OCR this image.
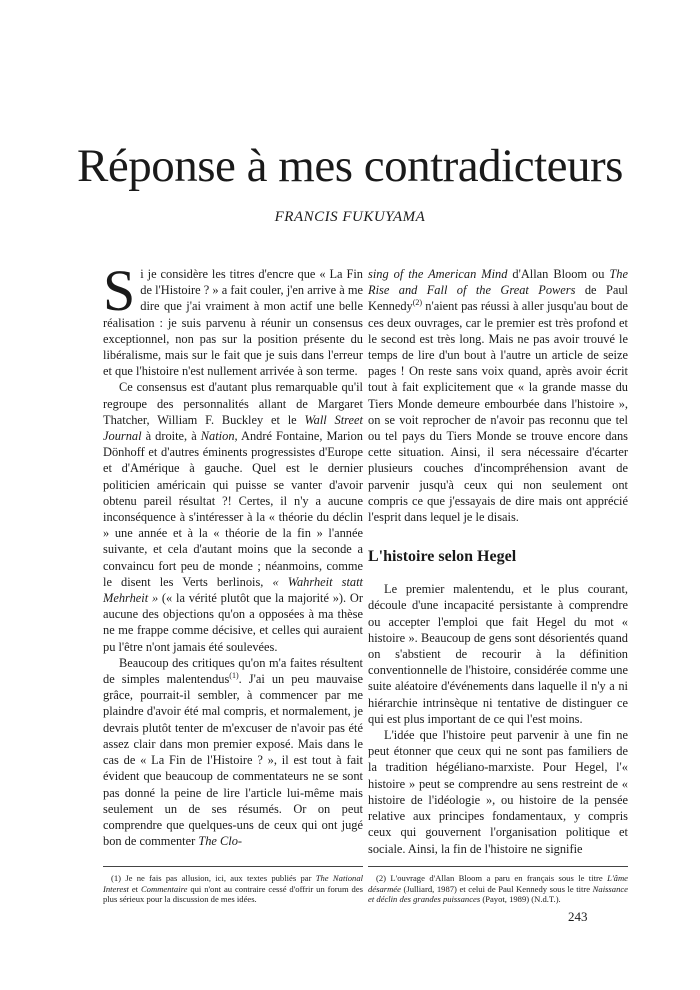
Réponse à mes contradicteurs
FRANCIS FUKUYAMA

Si je considère les titres d'encre que « La Fin de l'Histoire ? » a fait couler, j'en arrive à me dire que j'ai vraiment à mon actif une belle réalisation : je suis parvenu à réunir un consensus exceptionnel, non pas sur la position présente du libéralisme, mais sur le fait que je suis dans l'erreur et que l'histoire n'est nullement arrivée à son terme.

Ce consensus est d'autant plus remarquable qu'il regroupe des personnalités allant de Margaret Thatcher, William F. Buckley et le Wall Street Journal à droite, à Nation, André Fontaine, Marion Dönhoff et d'autres éminents progressistes d'Europe et d'Amérique à gauche. Quel est le dernier politicien américain qui puisse se vanter d'avoir obtenu pareil résultat ?! Certes, il n'y a aucune inconséquence à s'intéresser à la « théorie du déclin » une année et à la « théorie de la fin » l'année suivante, et cela d'autant moins que la seconde a convaincu fort peu de monde ; néanmoins, comme le disent les Verts berlinois, « Wahrheit statt Mehrheit » (« la vérité plutôt que la majorité »). Or aucune des objections qu'on a opposées à ma thèse ne me frappe comme décisive, et celles qui auraient pu l'être n'ont jamais été soulevées.

Beaucoup des critiques qu'on m'a faites résultent de simples malentendus$^{(1)}$. J'ai un peu mauvaise grâce, pourrait-il sembler, à commencer par me plaindre d'avoir été mal compris, et normalement, je devrais plutôt tenter de m'excuser de n'avoir pas été assez clair dans mon premier exposé. Mais dans le cas de « La Fin de l'Histoire ? », il est tout à fait évident que beaucoup de commentateurs ne se sont pas donné la peine de lire l'article lui-même mais seulement un de ses résumés. Or on peut comprendre que quelques-uns de ceux qui ont jugé bon de commenter The Clo-

sing of the American Mind d'Allan Bloom ou The Rise and Fall of the Great Powers de Paul Kennedy$^{(2)}$ n'aient pas réussi à aller jusqu'au bout de ces deux ouvrages, car le premier est très profond et le second est très long. Mais ne pas avoir trouvé le temps de lire d'un bout à l'autre un article de seize pages ! On reste sans voix quand, après avoir écrit tout à fait explicitement que « la grande masse du Tiers Monde demeure embourbée dans l'histoire », on se voit reprocher de n'avoir pas reconnu que tel ou tel pays du Tiers Monde se trouve encore dans cette situation. Ainsi, il sera nécessaire d'écarter plusieurs couches d'incompréhension avant de parvenir jusqu'à ceux qui non seulement ont compris ce que j'essayais de dire mais ont apprécié l'esprit dans lequel je le disais.

L'histoire selon Hegel

Le premier malentendu, et le plus courant, découle d'une incapacité persistante à comprendre ou accepter l'emploi que fait Hegel du mot « histoire ». Beaucoup de gens sont désorientés quand on s'abstient de recourir à la définition conventionnelle de l'histoire, considérée comme une suite aléatoire d'événements dans laquelle il n'y a ni hiérarchie intrinsèque ni tentative de distinguer ce qui est plus important de ce qui l'est moins.

L'idée que l'histoire peut parvenir à une fin ne peut étonner que ceux qui ne sont pas familiers de la tradition hégéliano-marxiste. Pour Hegel, l'« histoire » peut se comprendre au sens restreint de « histoire de l'idéologie », ou histoire de la pensée relative aux principes fondamentaux, y compris ceux qui gouvernent l'organisation politique et sociale. Ainsi, la fin de l'histoire ne signifie

(1) Je ne fais pas allusion, ici, aux textes publiés par The National Interest et Commentaire qui n'ont au contraire cessé d'offrir un forum des plus sérieux pour la discussion de mes idées.

(2) L'ouvrage d'Allan Bloom a paru en français sous le titre L'âme désarmée (Julliard, 1987) et celui de Paul Kennedy sous le titre Naissance et déclin des grandes puissances (Payot, 1989) (N.d.T.).

243
